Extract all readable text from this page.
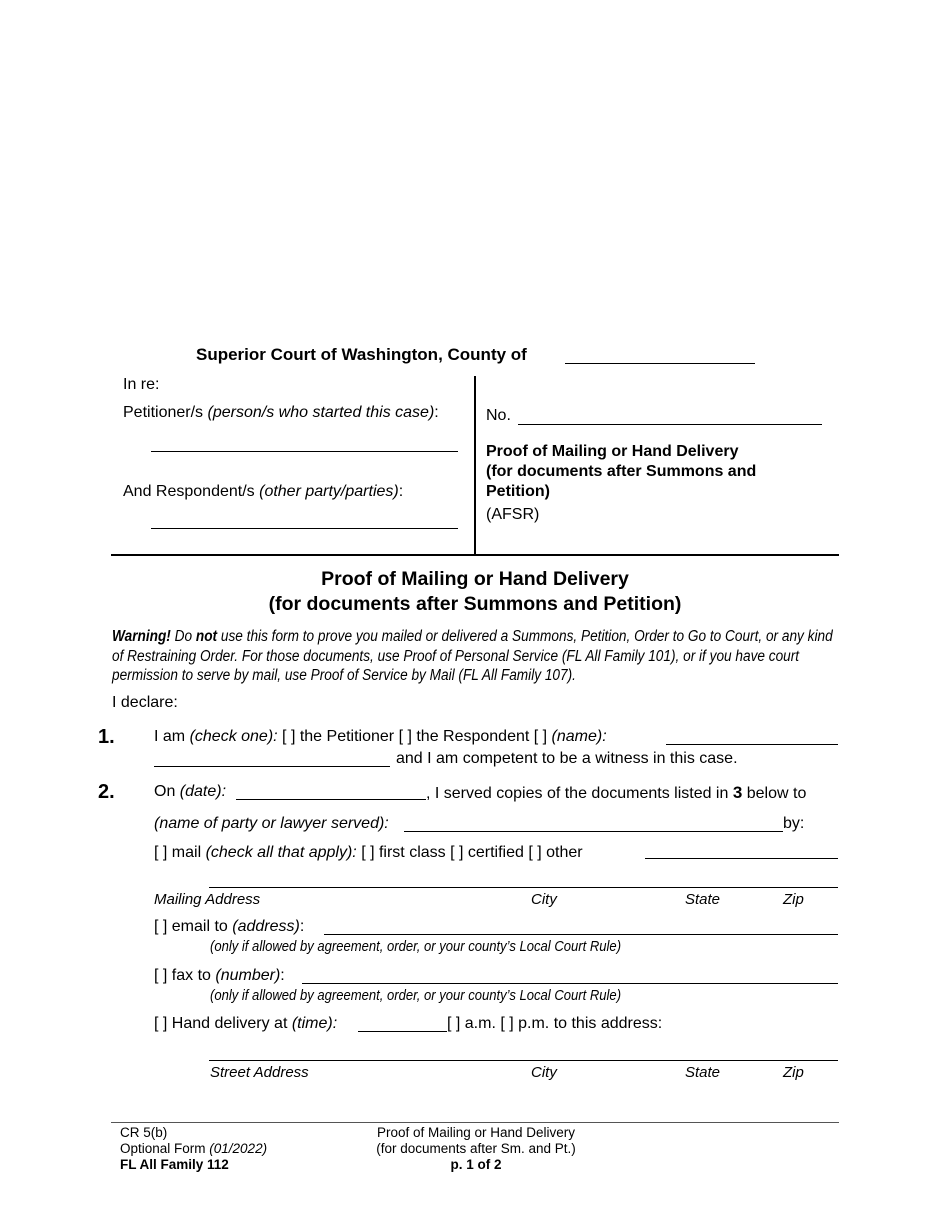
Superior Court of Washington, County of
In re:
Petitioner/s (person/s who started this case):
And Respondent/s (other party/parties):
No.
Proof of Mailing or Hand Delivery
(for documents after Summons and
Petition)
(AFSR)
Proof of Mailing or Hand Delivery
(for documents after Summons and Petition)
Warning! Do not use this form to prove you mailed or delivered a Summons, Petition, Order to Go to Court, or any kind
of Restraining Order. For those documents, use Proof of Personal Service (FL All Family 101), or if you have court
permission to serve by mail, use Proof of Service by Mail (FL All Family 107).
I declare:
1. I am (check one): [ ] the Petitioner [ ] the Respondent [ ] (name):
and I am competent to be a witness in this case.
2. On (date):	, I served copies of the documents listed in 3 below to
(name of party or lawyer served):	by:
[ ] mail (check all that apply): [ ] first class [ ] certified [ ] other
Mailing Address	City	State	Zip
[ ] email to (address):
(only if allowed by agreement, order, or your county’s Local Court Rule)
[ ] fax to (number):
(only if allowed by agreement, order, or your county’s Local Court Rule)
[ ] Hand delivery at (time):	[ ] a.m. [ ] p.m. to this address:
Street Address	City	State	Zip
CR 5(b)
Optional Form (01/2022)
FL All Family 112
Proof of Mailing or Hand Delivery
(for documents after Sm. and Pt.)
p. 1 of 2
